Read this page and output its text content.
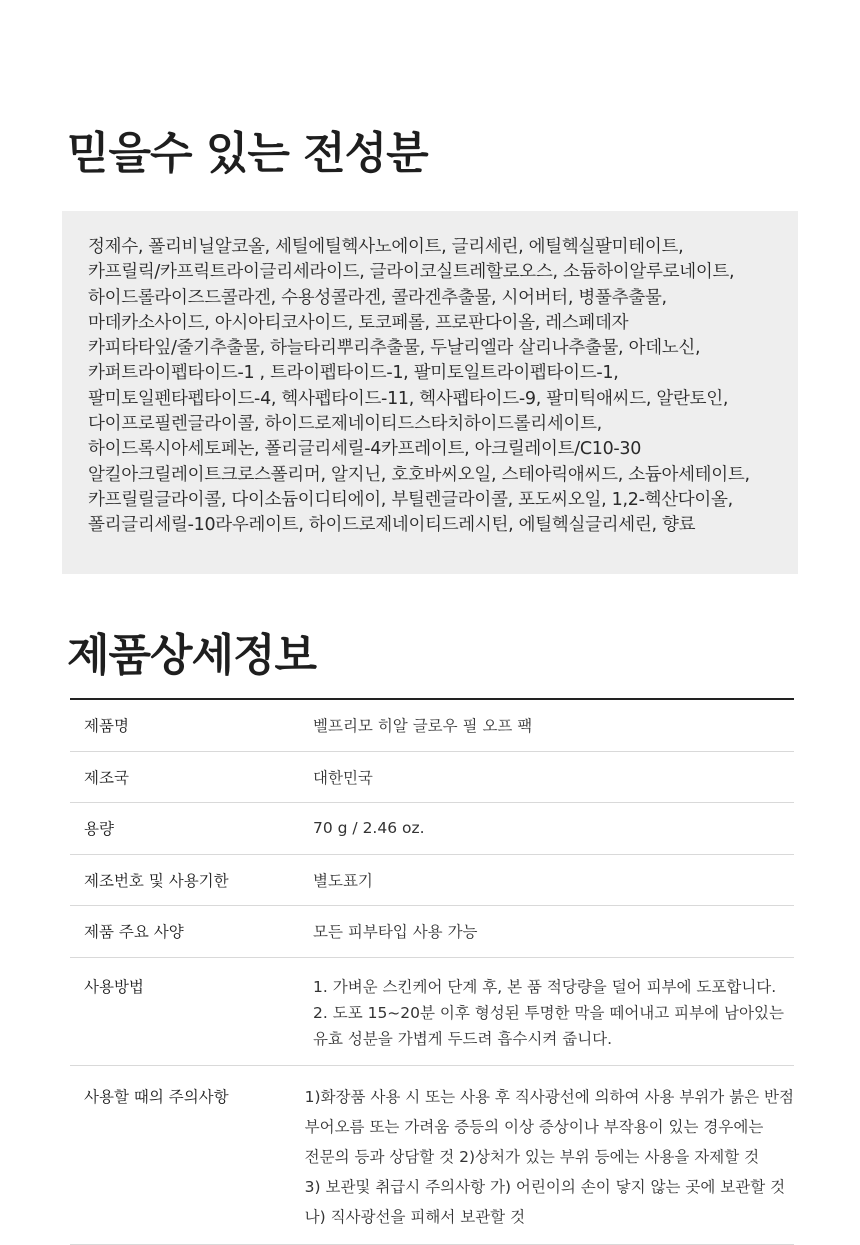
믿을수 있는 전성분
정제수, 폴리비닐알코올, 세틸에틸헥사노에이트, 글리세린, 에틸헥실팔미테이트,
카프릴릭/카프릭트라이글리세라이드, 글라이코실트레할로오스, 소듐하이알루로네이트,
하이드롤라이즈드콜라겐, 수용성콜라겐, 콜라겐추출물, 시어버터, 병풀추출물,
마데카소사이드, 아시아티코사이드, 토코페롤, 프로판다이올, 레스페데자
카피타타잎/줄기추출물, 하늘타리뿌리추출물, 두날리엘라 살리나추출물, 아데노신,
카퍼트라이펩타이드-1 , 트라이펩타이드-1, 팔미토일트라이펩타이드-1,
팔미토일펜타펩타이드-4, 헥사펩타이드-11, 헥사펩타이드-9, 팔미틱애씨드, 알란토인,
다이프로필렌글라이콜, 하이드로제네이티드스타치하이드롤리세이트,
하이드록시아세토페논, 폴리글리세릴-4카프레이트, 아크릴레이트/C10-30
알킬아크릴레이트크로스폴리머, 알지닌, 호호바씨오일, 스테아릭애씨드, 소듐아세테이트,
카프릴릴글라이콜, 다이소듐이디티에이, 부틸렌글라이콜, 포도씨오일, 1,2-헥산다이올,
폴리글리세릴-10라우레이트, 하이드로제네이티드레시틴, 에틸헥실글리세린, 향료
제품상세정보
제품명	벨프리모 히알 글로우 필 오프 팩
제조국	대한민국
용량	70 g / 2.46 oz.
제조번호 및 사용기한	별도표기
제품 주요 사양	모든 피부타입 사용 가능
사용방법	1. 가벼운 스킨케어 단계 후, 본 품 적당량을 덜어 피부에 도포합니다.
2. 도포 15~20분 이후 형성된 투명한 막을 떼어내고 피부에 남아있는
유효 성분을 가볍게 두드려 흡수시켜 줍니다.
사용할 때의 주의사항	1)화장품 사용 시 또는 사용 후 직사광선에 의하여 사용 부위가 붉은 반점
부어오름 또는 가려움 증등의 이상 증상이나 부작용이 있는 경우에는
전문의 등과 상담할 것 2)상처가 있는 부위 등에는 사용을 자제할 것
3) 보관및 취급시 주의사항 가) 어린이의 손이 닿지 않는 곳에 보관할 것
나) 직사광선을 피해서 보관할 것
